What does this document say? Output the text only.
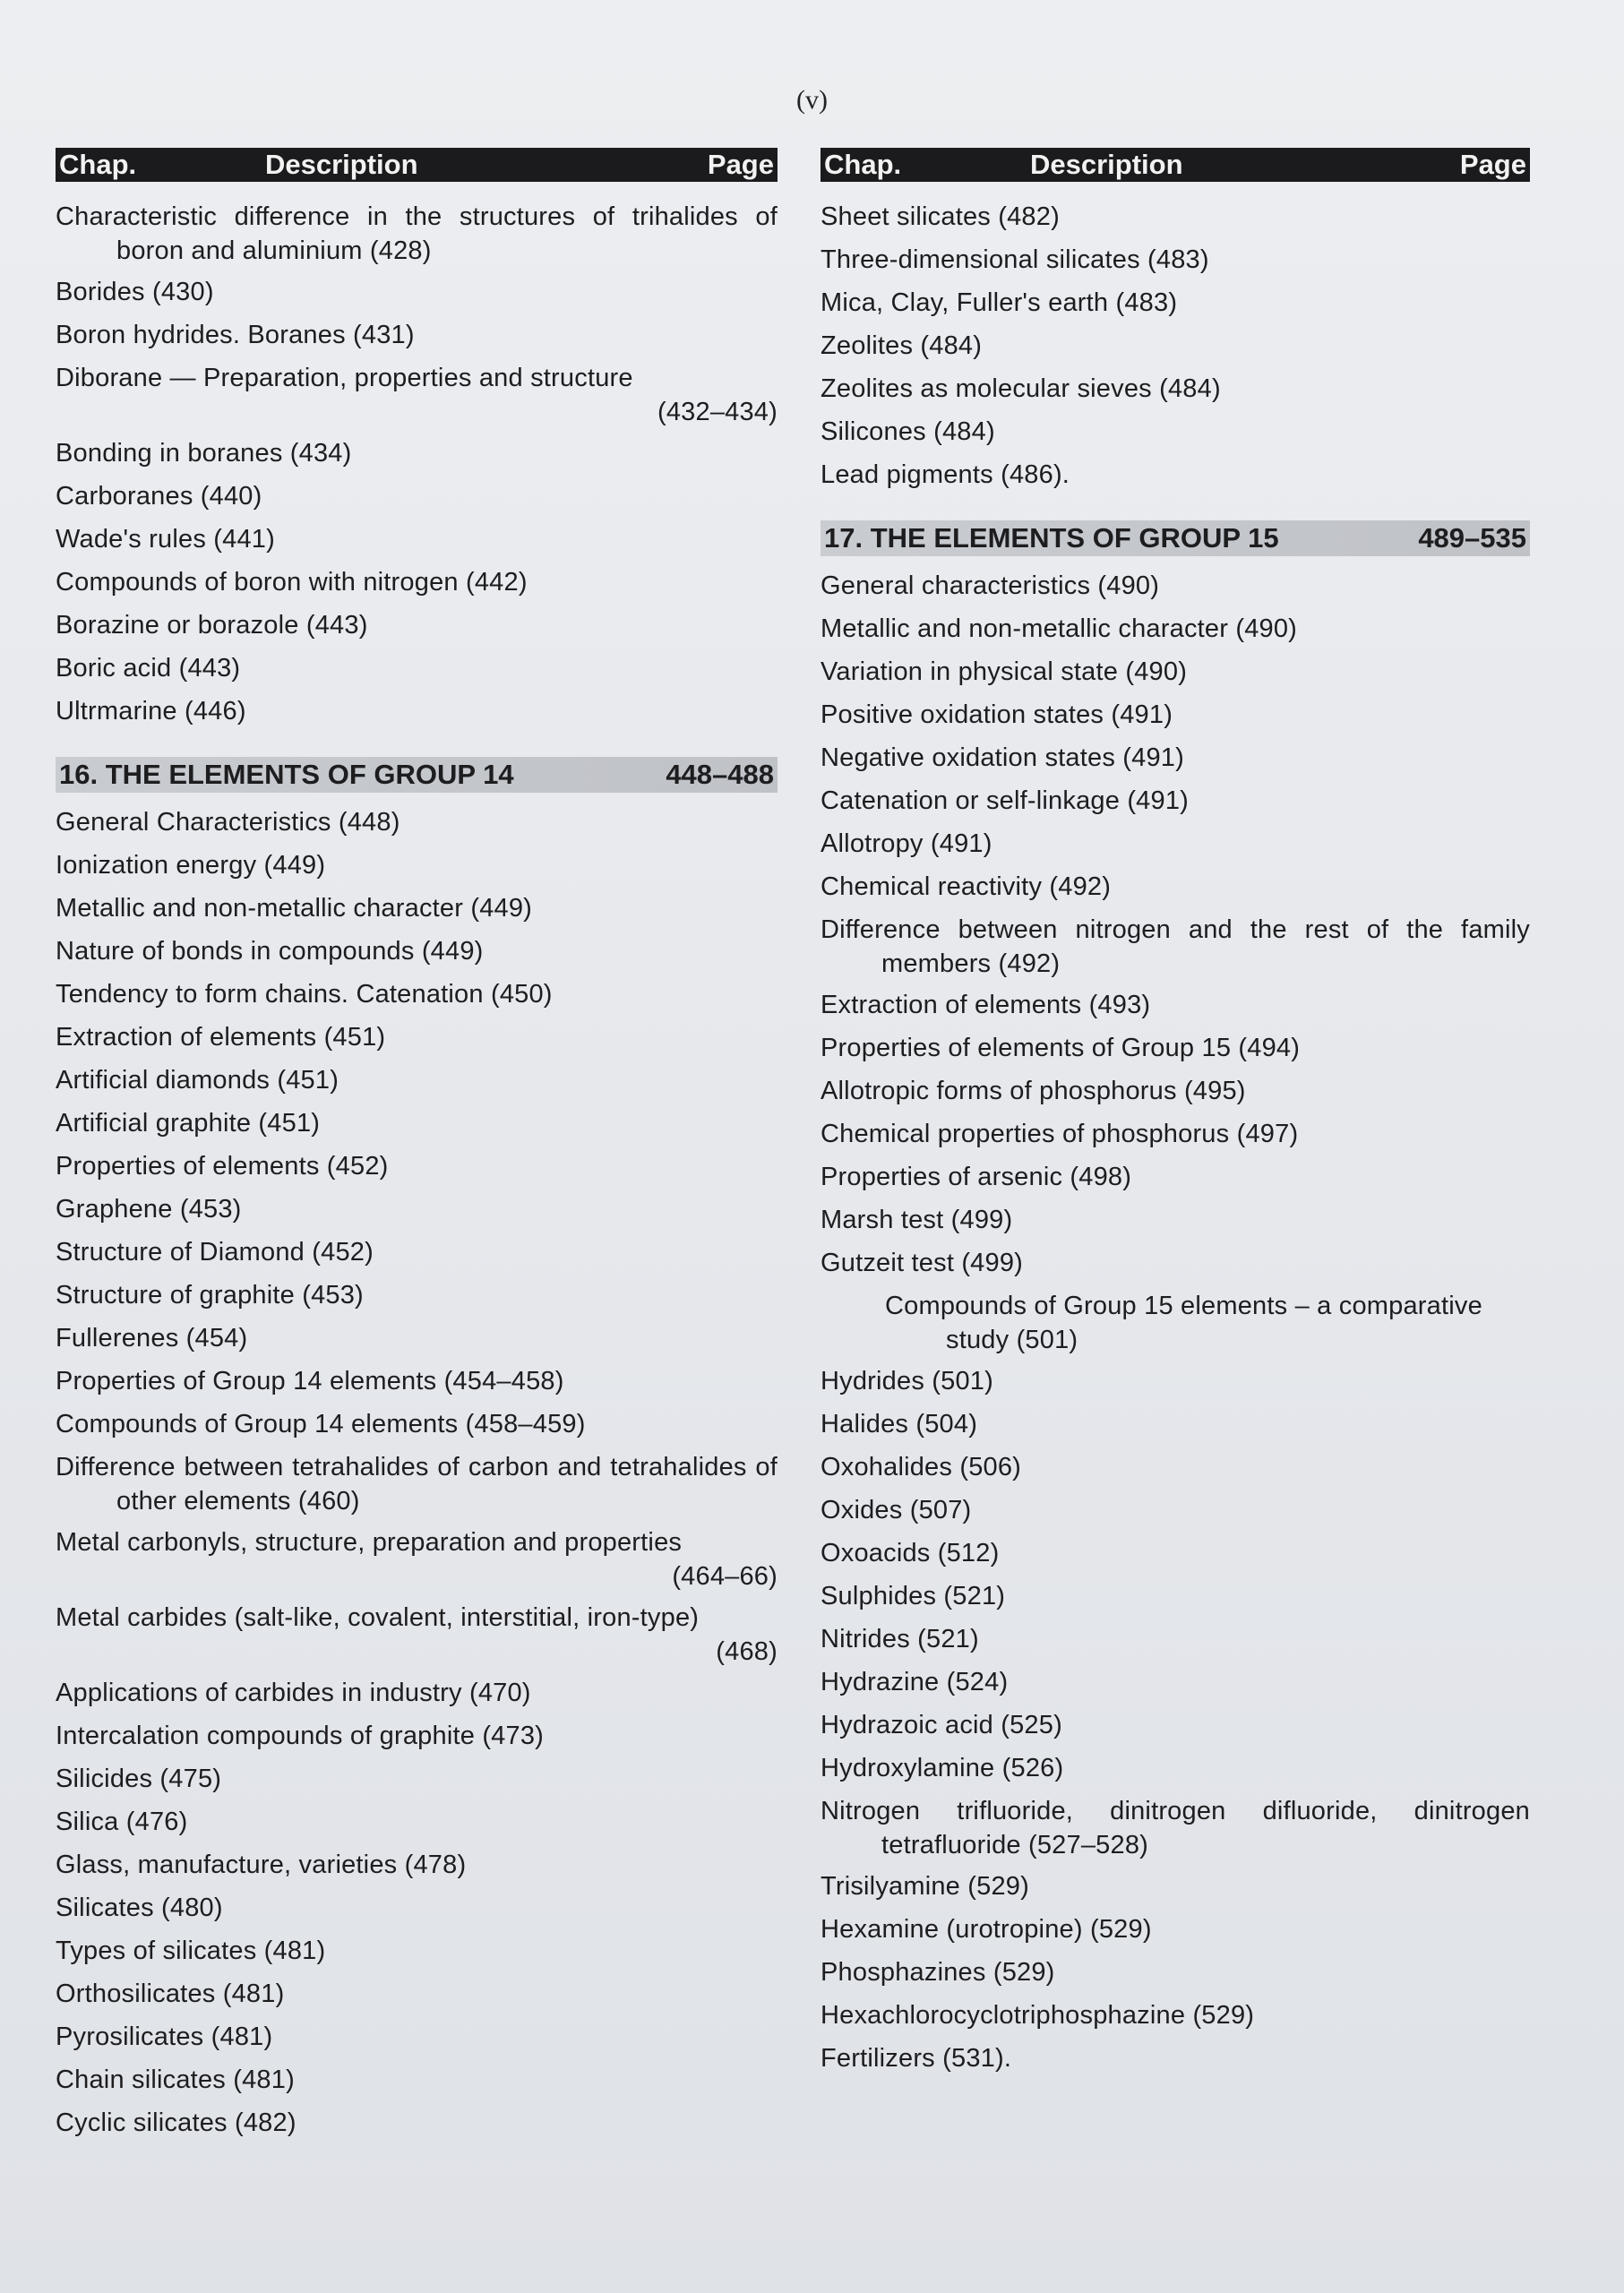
(v)
Chap.	Description	Page
Characteristic difference in the structures of trihalides of boron and aluminium (428)
Borides (430)
Boron hydrides. Boranes (431)
Diborane — Preparation, properties and structure
(432–434)
Bonding in boranes (434)
Carboranes (440)
Wade's rules (441)
Compounds of boron with nitrogen (442)
Borazine or borazole (443)
Boric acid (443)
Ultrmarine (446)
16. THE ELEMENTS OF GROUP 14	448–488
General Characteristics (448)
Ionization energy (449)
Metallic and non-metallic character (449)
Nature of bonds in compounds (449)
Tendency to form chains. Catenation (450)
Extraction of elements (451)
Artificial diamonds (451)
Artificial graphite (451)
Properties of elements (452)
Graphene (453)
Structure of Diamond (452)
Structure of graphite (453)
Fullerenes (454)
Properties of Group 14 elements (454–458)
Compounds of Group 14 elements (458–459)
Difference between tetrahalides of carbon and tetrahalides of other elements (460)
Metal carbonyls, structure, preparation and properties
(464–66)
Metal carbides (salt-like, covalent, interstitial, iron-type)
(468)
Applications of carbides in industry (470)
Intercalation compounds of graphite (473)
Silicides (475)
Silica (476)
Glass, manufacture, varieties (478)
Silicates (480)
Types of silicates (481)
Orthosilicates (481)
Pyrosilicates (481)
Chain silicates (481)
Cyclic silicates (482)
Chap.	Description	Page
Sheet silicates (482)
Three-dimensional silicates (483)
Mica, Clay, Fuller's earth (483)
Zeolites (484)
Zeolites as molecular sieves (484)
Silicones (484)
Lead pigments (486).
17. THE ELEMENTS OF GROUP 15	489–535
General characteristics (490)
Metallic and non-metallic character (490)
Variation in physical state (490)
Positive oxidation states (491)
Negative oxidation states (491)
Catenation or self-linkage (491)
Allotropy (491)
Chemical reactivity (492)
Difference between nitrogen and the rest of the family members (492)
Extraction of elements (493)
Properties of elements of Group 15 (494)
Allotropic forms of phosphorus (495)
Chemical properties of phosphorus (497)
Properties of arsenic (498)
Marsh test (499)
Gutzeit test (499)
Compounds of Group 15 elements – a comparative study (501)
Hydrides (501)
Halides (504)
Oxohalides (506)
Oxides (507)
Oxoacids (512)
Sulphides (521)
Nitrides (521)
Hydrazine (524)
Hydrazoic acid (525)
Hydroxylamine (526)
Nitrogen trifluoride, dinitrogen difluoride, dinitrogen tetrafluoride (527–528)
Trisilyamine (529)
Hexamine (urotropine) (529)
Phosphazines (529)
Hexachlorocyclotriphosphazine (529)
Fertilizers (531).
